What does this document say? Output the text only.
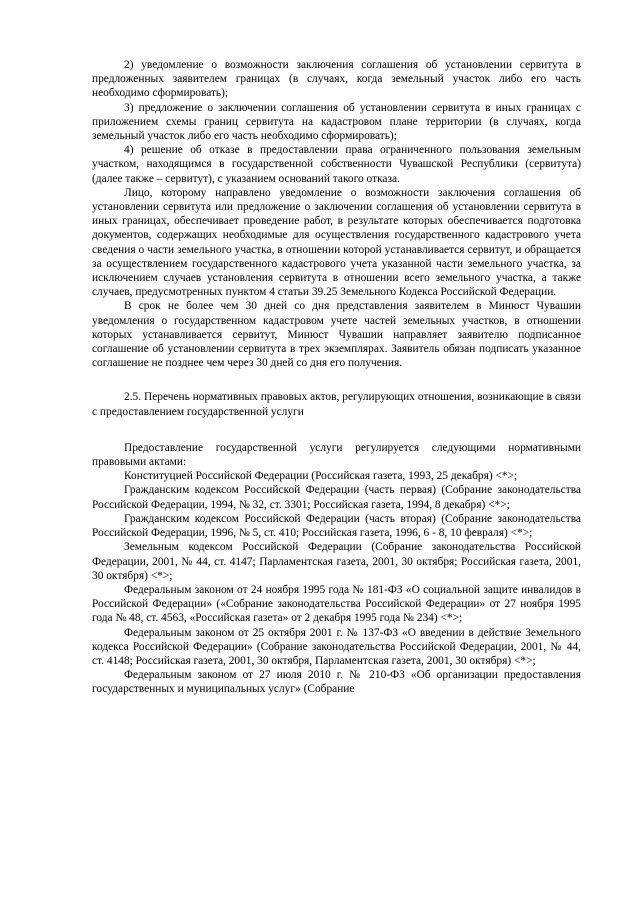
2) уведомление о возможности заключения соглашения об установлении сервитута в предложенных заявителем границах (в случаях, когда земельный участок либо его часть необходимо сформировать);

3) предложение о заключении соглашения об установлении сервитута в иных границах с приложением схемы границ сервитута на кадастровом плане территории (в случаях, когда земельный участок либо его часть необходимо сформировать);

4) решение об отказе в предоставлении права ограниченного пользования земельным участком, находящимся в государственной собственности Чувашской Республики (сервитута) (далее также – сервитут), с указанием оснований такого отказа.

Лицо, которому направлено уведомление о возможности заключения соглашения об установлении сервитута или предложение о заключении соглашения об установлении сервитута в иных границах, обеспечивает проведение работ, в результате которых обеспечивается подготовка документов, содержащих необходимые для осуществления государственного кадастрового учета сведения о части земельного участка, в отношении которой устанавливается сервитут, и обращается за осуществлением государственного кадастрового учета указанной части земельного участка, за исключением случаев установления сервитута в отношении всего земельного участка, а также случаев, предусмотренных пунктом 4 статьи 39.25 Земельного Кодекса Российской Федерации.

В срок не более чем 30 дней со дня представления заявителем в Минюст Чувашии уведомления о государственном кадастровом учете частей земельных участков, в отношении которых устанавливается сервитут, Минюст Чувашии направляет заявителю подписанное соглашение об установлении сервитута в трех экземплярах. Заявитель обязан подписать указанное соглашение не позднее чем через 30 дней со дня его получения.

2.5. Перечень нормативных правовых актов, регулирующих отношения, возникающие в связи с предоставлением государственной услуги

Предоставление государственной услуги регулируется следующими нормативными правовыми актами:

Конституцией Российской Федерации (Российская газета, 1993, 25 декабря) <*>;

Гражданским кодексом Российской Федерации (часть первая) (Собрание законодательства Российской Федерации, 1994, № 32, ст. 3301; Российская газета, 1994, 8 декабря) <*>;

Гражданским кодексом Российской Федерации (часть вторая) (Собрание законодательства Российской Федерации, 1996, № 5, ст. 410; Российская газета, 1996, 6 - 8, 10 февраля) <*>;

Земельным кодексом Российской Федерации (Собрание законодательства Российской Федерации, 2001, № 44, ст. 4147; Парламентская газета, 2001, 30 октября; Российская газета, 2001, 30 октября) <*>;

Федеральным законом от 24 ноября 1995 года № 181-ФЗ «О социальной защите инвалидов в Российской Федерации» («Собрание законодательства Российской Федерации» от 27 ноября 1995 года № 48, ст. 4563, «Российская газета» от 2 декабря 1995 года № 234) <*>;

Федеральным законом от 25 октября 2001 г. № 137-ФЗ «О введении в действие Земельного кодекса Российской Федерации» (Собрание законодательства Российской Федерации, 2001, № 44, ст. 4148; Российская газета, 2001, 30 октября, Парламентская газета, 2001, 30 октября) <*>;

Федеральным законом от 27 июля 2010 г. № 210-ФЗ «Об организации предоставления государственных и муниципальных услуг» (Собрание
